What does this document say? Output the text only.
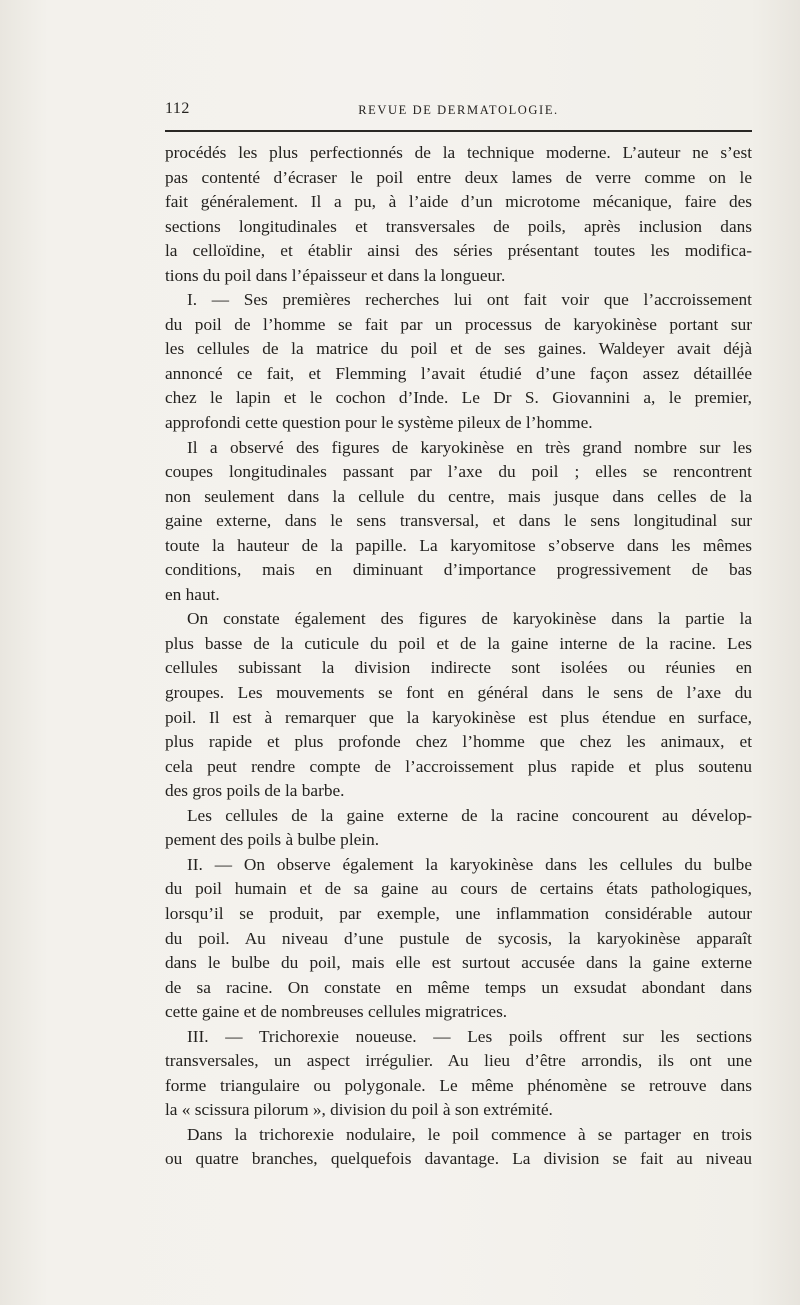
112	REVUE DE DERMATOLOGIE.
procédés les plus perfectionnés de la technique moderne. L’auteur ne s’est
pas contenté d’écraser le poil entre deux lames de verre comme on le
fait généralement. Il a pu, à l’aide d’un microtome mécanique, faire des
sections longitudinales et transversales de poils, après inclusion dans
la celloïdine, et établir ainsi des séries présentant toutes les modifica-
tions du poil dans l’épaisseur et dans la longueur.
I. — Ses premières recherches lui ont fait voir que l’accroissement
du poil de l’homme se fait par un processus de karyokinèse portant sur
les cellules de la matrice du poil et de ses gaines. Waldeyer avait déjà
annoncé ce fait, et Flemming l’avait étudié d’une façon assez détaillée
chez le lapin et le cochon d’Inde. Le Dr S. Giovannini a, le premier,
approfondi cette question pour le système pileux de l’homme.
Il a observé des figures de karyokinèse en très grand nombre sur les
coupes longitudinales passant par l’axe du poil ; elles se rencontrent
non seulement dans la cellule du centre, mais jusque dans celles de la
gaine externe, dans le sens transversal, et dans le sens longitudinal sur
toute la hauteur de la papille. La karyomitose s’observe dans les mêmes
conditions, mais en diminuant d’importance progressivement de bas
en haut.
On constate également des figures de karyokinèse dans la partie la
plus basse de la cuticule du poil et de la gaine interne de la racine. Les
cellules subissant la division indirecte sont isolées ou réunies en
groupes. Les mouvements se font en général dans le sens de l’axe du
poil. Il est à remarquer que la karyokinèse est plus étendue en surface,
plus rapide et plus profonde chez l’homme que chez les animaux, et
cela peut rendre compte de l’accroissement plus rapide et plus soutenu
des gros poils de la barbe.
Les cellules de la gaine externe de la racine concourent au dévelop-
pement des poils à bulbe plein.
II. — On observe également la karyokinèse dans les cellules du bulbe
du poil humain et de sa gaine au cours de certains états pathologiques,
lorsqu’il se produit, par exemple, une inflammation considérable autour
du poil. Au niveau d’une pustule de sycosis, la karyokinèse apparaît
dans le bulbe du poil, mais elle est surtout accusée dans la gaine externe
de sa racine. On constate en même temps un exsudat abondant dans
cette gaine et de nombreuses cellules migratrices.
III. — Trichorexie noueuse. — Les poils offrent sur les sections
transversales, un aspect irrégulier. Au lieu d’être arrondis, ils ont une
forme triangulaire ou polygonale. Le même phénomène se retrouve dans
la « scissura pilorum », division du poil à son extrémité.
Dans la trichorexie nodulaire, le poil commence à se partager en trois
ou quatre branches, quelquefois davantage. La division se fait au niveau
